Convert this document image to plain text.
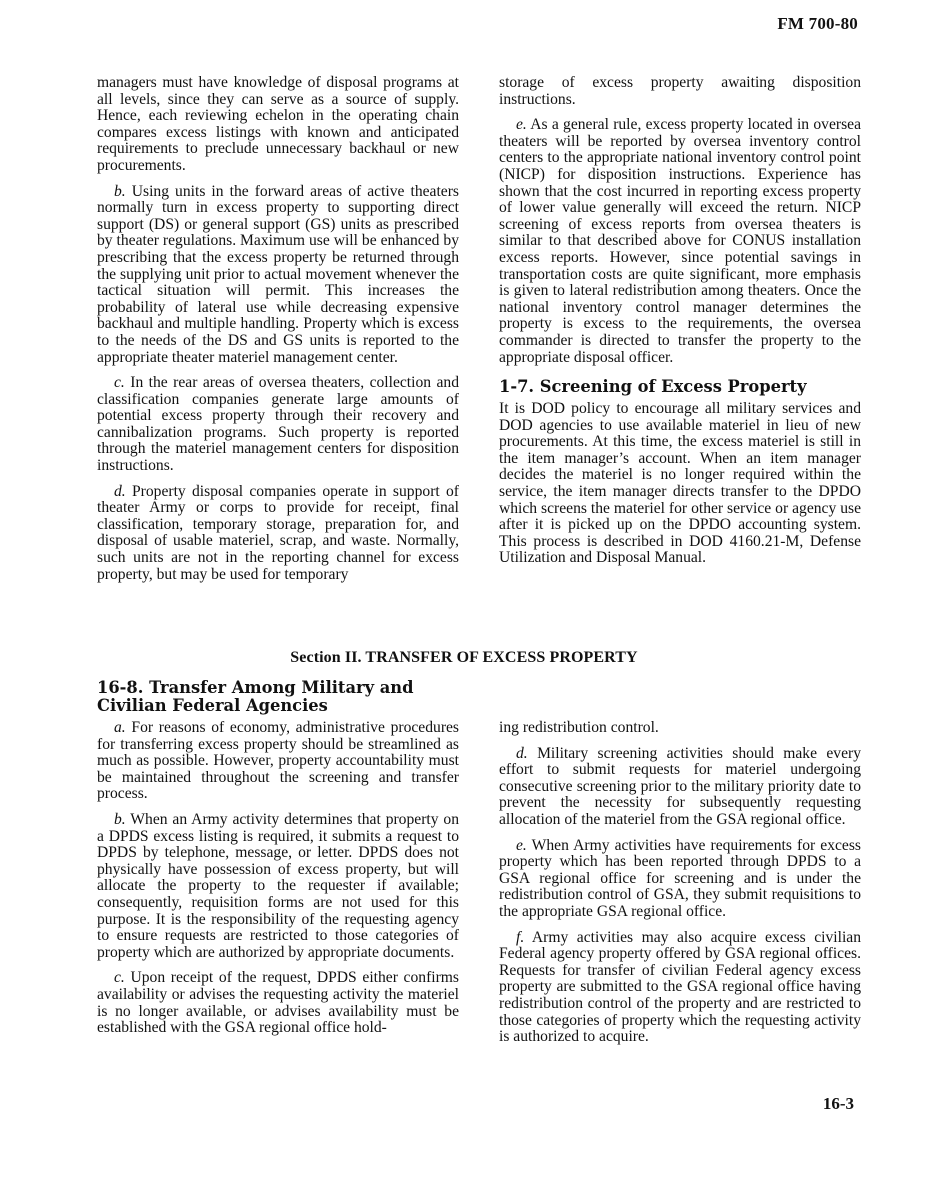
FM 700-80

managers must have knowledge of disposal programs at all levels, since they can serve as a source of supply. Hence, each reviewing echelon in the operating chain compares excess listings with known and anticipated requirements to preclude unnecessary backhaul or new procurements.

b. Using units in the forward areas of active theaters normally turn in excess property to supporting direct support (DS) or general support (GS) units as prescribed by theater regulations. Maximum use will be enhanced by prescribing that the excess property be returned through the supplying unit prior to actual movement whenever the tactical situation will permit. This increases the probability of lateral use while decreasing expensive backhaul and multiple handling. Property which is excess to the needs of the DS and GS units is reported to the appropriate theater materiel management center.

c. In the rear areas of oversea theaters, collection and classification companies generate large amounts of potential excess property through their recovery and cannibalization programs. Such property is reported through the materiel management centers for disposition instructions.

d. Property disposal companies operate in support of theater Army or corps to provide for receipt, final classification, temporary storage, preparation for, and disposal of usable materiel, scrap, and waste. Normally, such units are not in the reporting channel for excess property, but may be used for temporary

storage of excess property awaiting disposition instructions.

e. As a general rule, excess property located in oversea theaters will be reported by oversea inventory control centers to the appropriate national inventory control point (NICP) for disposition instructions. Experience has shown that the cost incurred in reporting excess property of lower value generally will exceed the return. NICP screening of excess reports from oversea theaters is similar to that described above for CONUS installation excess reports. However, since potential savings in transportation costs are quite significant, more emphasis is given to lateral redistribution among theaters. Once the national inventory control manager determines the property is excess to the requirements, the oversea commander is directed to transfer the property to the appropriate disposal officer.

1-7. Screening of Excess Property

It is DOD policy to encourage all military services and DOD agencies to use available materiel in lieu of new procurements. At this time, the excess materiel is still in the item manager’s account. When an item manager decides the materiel is no longer required within the service, the item manager directs transfer to the DPDO which screens the materiel for other service or agency use after it is picked up on the DPDO accounting system. This process is described in DOD 4160.21-M, Defense Utilization and Disposal Manual.

Section II. TRANSFER OF EXCESS PROPERTY
16-8. Transfer Among Military and Civilian Federal Agencies

a. For reasons of economy, administrative procedures for transferring excess property should be streamlined as much as possible. However, property accountability must be maintained throughout the screening and transfer process.

b. When an Army activity determines that property on a DPDS excess listing is required, it submits a request to DPDS by telephone, message, or letter. DPDS does not physically have possession of excess property, but will allocate the property to the requester if available; consequently, requisition forms are not used for this purpose. It is the responsibility of the requesting agency to ensure requests are restricted to those categories of property which are authorized by appropriate documents.

c. Upon receipt of the request, DPDS either confirms availability or advises the requesting activity the materiel is no longer available, or advises availability must be established with the GSA regional office hold-

ing redistribution control.

d. Military screening activities should make every effort to submit requests for materiel undergoing consecutive screening prior to the military priority date to prevent the necessity for subsequently requesting allocation of the materiel from the GSA regional office.

e. When Army activities have requirements for excess property which has been reported through DPDS to a GSA regional office for screening and is under the redistribution control of GSA, they submit requisitions to the appropriate GSA regional office.

f. Army activities may also acquire excess civilian Federal agency property offered by GSA regional offices. Requests for transfer of civilian Federal agency excess property are submitted to the GSA regional office having redistribution control of the property and are restricted to those categories of property which the requesting activity is authorized to acquire.

16-3
